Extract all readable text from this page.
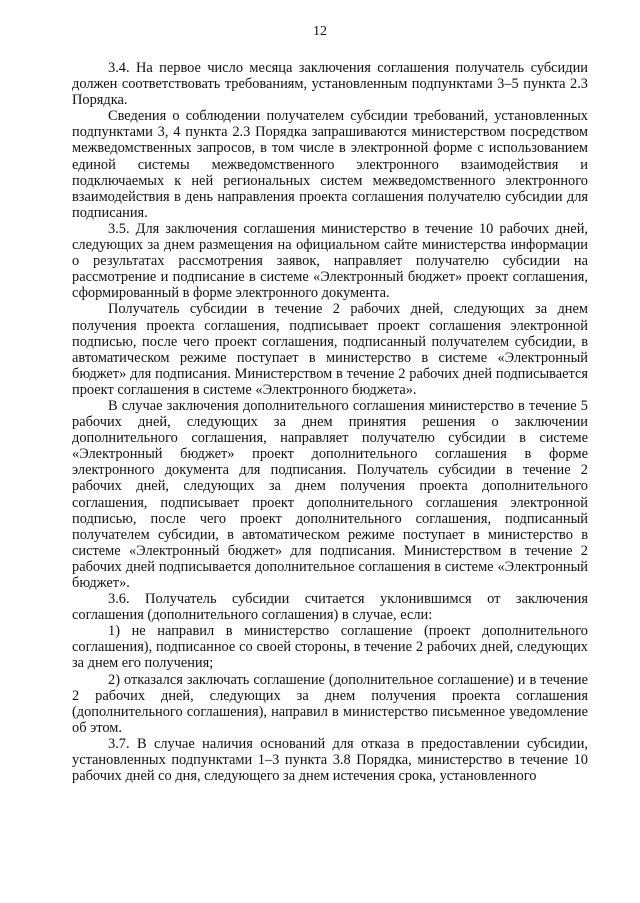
12

3.4. На первое число месяца заключения соглашения получатель субсидии должен соответствовать требованиям, установленным подпунктами 3–5 пункта 2.3 Порядка.

Сведения о соблюдении получателем субсидии требований, установленных подпунктами 3, 4 пункта 2.3 Порядка запрашиваются министерством посредством межведомственных запросов, в том числе в электронной форме с использованием единой системы межведомственного электронного взаимодействия и подключаемых к ней региональных систем межведомственного электронного взаимодействия в день направления проекта соглашения получателю субсидии для подписания.

3.5. Для заключения соглашения министерство в течение 10 рабочих дней, следующих за днем размещения на официальном сайте министерства информации о результатах рассмотрения заявок, направляет получателю субсидии на рассмотрение и подписание в системе «Электронный бюджет» проект соглашения, сформированный в форме электронного документа.

Получатель субсидии в течение 2 рабочих дней, следующих за днем получения проекта соглашения, подписывает проект соглашения электронной подписью, после чего проект соглашения, подписанный получателем субсидии, в автоматическом режиме поступает в министерство в системе «Электронный бюджет» для подписания. Министерством в течение 2 рабочих дней подписывается проект соглашения в системе «Электронного бюджета».

В случае заключения дополнительного соглашения министерство в течение 5 рабочих дней, следующих за днем принятия решения о заключении дополнительного соглашения, направляет получателю субсидии в системе «Электронный бюджет» проект дополнительного соглашения в форме электронного документа для подписания. Получатель субсидии в течение 2 рабочих дней, следующих за днем получения проекта дополнительного соглашения, подписывает проект дополнительного соглашения электронной подписью, после чего проект дополнительного соглашения, подписанный получателем субсидии, в автоматическом режиме поступает в министерство в системе «Электронный бюджет» для подписания. Министерством в течение 2 рабочих дней подписывается дополнительное соглашения в системе «Электронный бюджет».

3.6. Получатель субсидии считается уклонившимся от заключения соглашения (дополнительного соглашения) в случае, если:

1) не направил в министерство соглашение (проект дополнительного соглашения), подписанное со своей стороны, в течение 2 рабочих дней, следующих за днем его получения;

2) отказался заключать соглашение (дополнительное соглашение) и в течение 2 рабочих дней, следующих за днем получения проекта соглашения (дополнительного соглашения), направил в министерство письменное уведомление об этом.

3.7. В случае наличия оснований для отказа в предоставлении субсидии, установленных подпунктами 1–3 пункта 3.8 Порядка, министерство в течение 10 рабочих дней со дня, следующего за днем истечения срока, установленного
